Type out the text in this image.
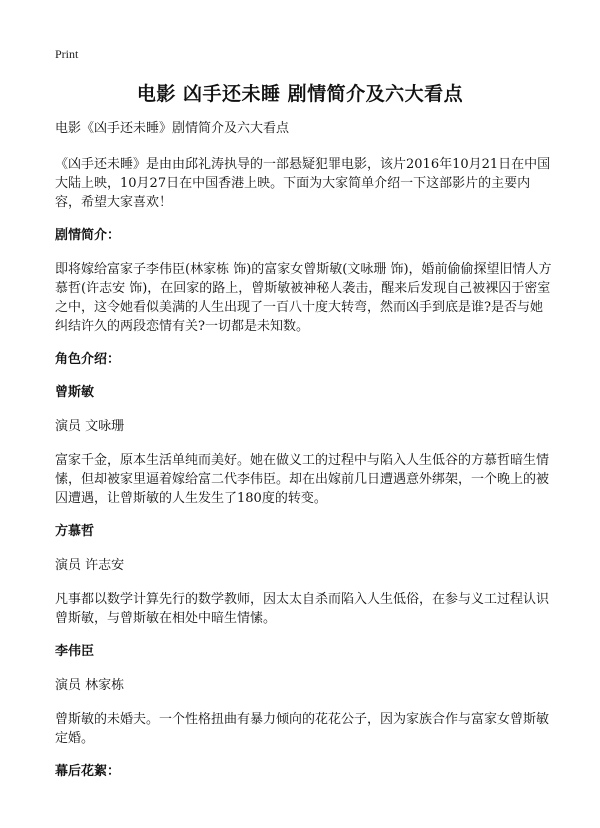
Print
电影 凶手还未睡 剧情简介及六大看点
电影《凶手还未睡》剧情简介及六大看点

《凶手还未睡》是由由邱礼涛执导的一部悬疑犯罪电影，该片2016年10月21日在中国大陆上映，10月27日在中国香港上映。下面为大家简单介绍一下这部影片的主要内容，希望大家喜欢！

剧情简介：

即将嫁给富家子李伟臣(林家栋 饰)的富家女曾斯敏(文咏珊 饰)，婚前偷偷探望旧情人方慕哲(许志安 饰)，在回家的路上，曾斯敏被神秘人袭击，醒来后发现自己被裸囚于密室之中，这令她看似美满的人生出现了一百八十度大转弯，然而凶手到底是谁?是否与她纠结许久的两段恋情有关?一切都是未知数。

角色介绍：
曾斯敏

演员 文咏珊

富家千金，原本生活单纯而美好。她在做义工的过程中与陷入人生低谷的方慕哲暗生情愫，但却被家里逼着嫁给富二代李伟臣。却在出嫁前几日遭遇意外绑架，一个晚上的被囚遭遇，让曾斯敏的人生发生了180度的转变。

方慕哲

演员 许志安

凡事都以数学计算先行的数学教师，因太太自杀而陷入人生低俗，在参与义工过程认识曾斯敏，与曾斯敏在相处中暗生情愫。

李伟臣

演员 林家栋

曾斯敏的未婚夫。一个性格扭曲有暴力倾向的花花公子，因为家族合作与富家女曾斯敏定婚。

幕后花絮：
